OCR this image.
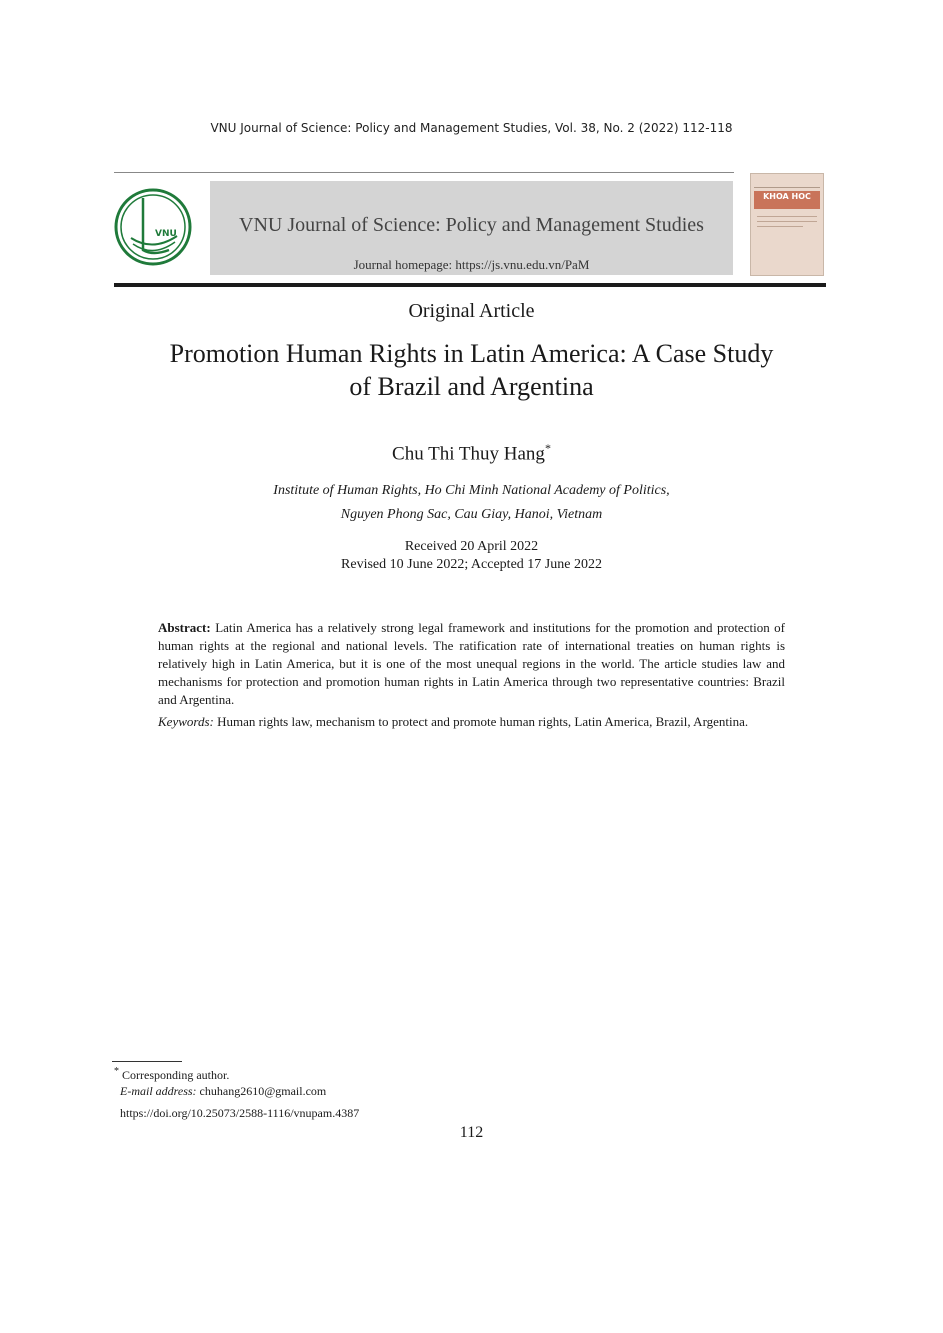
VNU Journal of Science: Policy and Management Studies, Vol. 38, No. 2 (2022) 112-118
VNU	VNU Journal of Science: Policy and Management Studies
Journal homepage: https://js.vnu.edu.vn/PaM
KHOA HOC
Original Article
Promotion Human Rights in Latin America: A Case Study
of Brazil and Argentina
Chu Thi Thuy Hang*
Institute of Human Rights, Ho Chi Minh National Academy of Politics,
Nguyen Phong Sac, Cau Giay, Hanoi, Vietnam
Received 20 April 2022
Revised 10 June 2022; Accepted 17 June 2022

Abstract: Latin America has a relatively strong legal framework and institutions for the promotion and protection of human rights at the regional and national levels. The ratification rate of international treaties on human rights is relatively high in Latin America, but it is one of the most unequal regions in the world. The article studies law and mechanisms for protection and promotion human rights in Latin America through two representative countries: Brazil and Argentina.

Keywords: Human rights law, mechanism to protect and promote human rights, Latin America, Brazil, Argentina.

* Corresponding author.
E-mail address: chuhang2610@gmail.com
https://doi.org/10.25073/2588-1116/vnupam.4387
112
